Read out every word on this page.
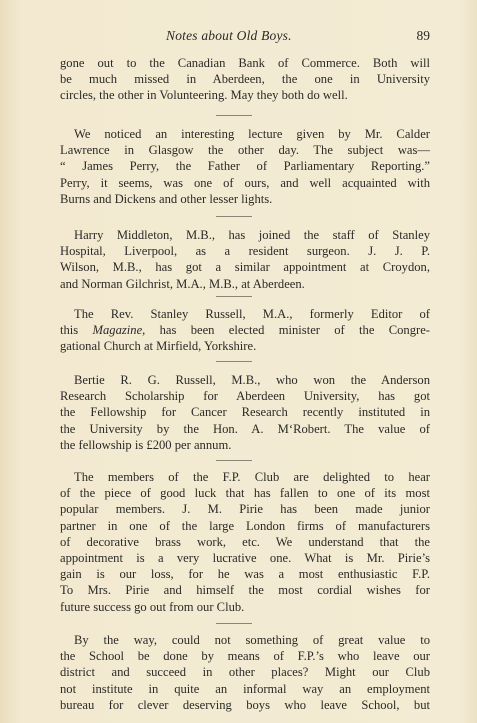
Notes about Old Boys.	89

gone out to the Canadian Bank of Commerce. Both will
be much missed in Aberdeen, the one in University
circles, the other in Volunteering. May they both do well.

We noticed an interesting lecture given by Mr. Calder
Lawrence in Glasgow the other day. The subject was—
“ James Perry, the Father of Parliamentary Reporting.”
Perry, it seems, was one of ours, and well acquainted with
Burns and Dickens and other lesser lights.

Harry Middleton, M.B., has joined the staff of Stanley
Hospital, Liverpool, as a resident surgeon. J. J. P.
Wilson, M.B., has got a similar appointment at Croydon,
and Norman Gilchrist, M.A., M.B., at Aberdeen.

The Rev. Stanley Russell, M.A., formerly Editor of
this Magazine, has been elected minister of the Congre-
gational Church at Mirfield, Yorkshire.

Bertie R. G. Russell, M.B., who won the Anderson
Research Scholarship for Aberdeen University, has got
the Fellowship for Cancer Research recently instituted in
the University by the Hon. A. M‘Robert. The value of
the fellowship is £200 per annum.

The members of the F.P. Club are delighted to hear
of the piece of good luck that has fallen to one of its most
popular members. J. M. Pirie has been made junior
partner in one of the large London firms of manufacturers
of decorative brass work, etc. We understand that the
appointment is a very lucrative one. What is Mr. Pirie’s
gain is our loss, for he was a most enthusiastic F.P.
To Mrs. Pirie and himself the most cordial wishes for
future success go out from our Club.

By the way, could not something of great value to
the School be done by means of F.P.’s who leave our
district and succeed in other places? Might our Club
not institute in quite an informal way an employment
bureau for clever deserving boys who leave School, but
